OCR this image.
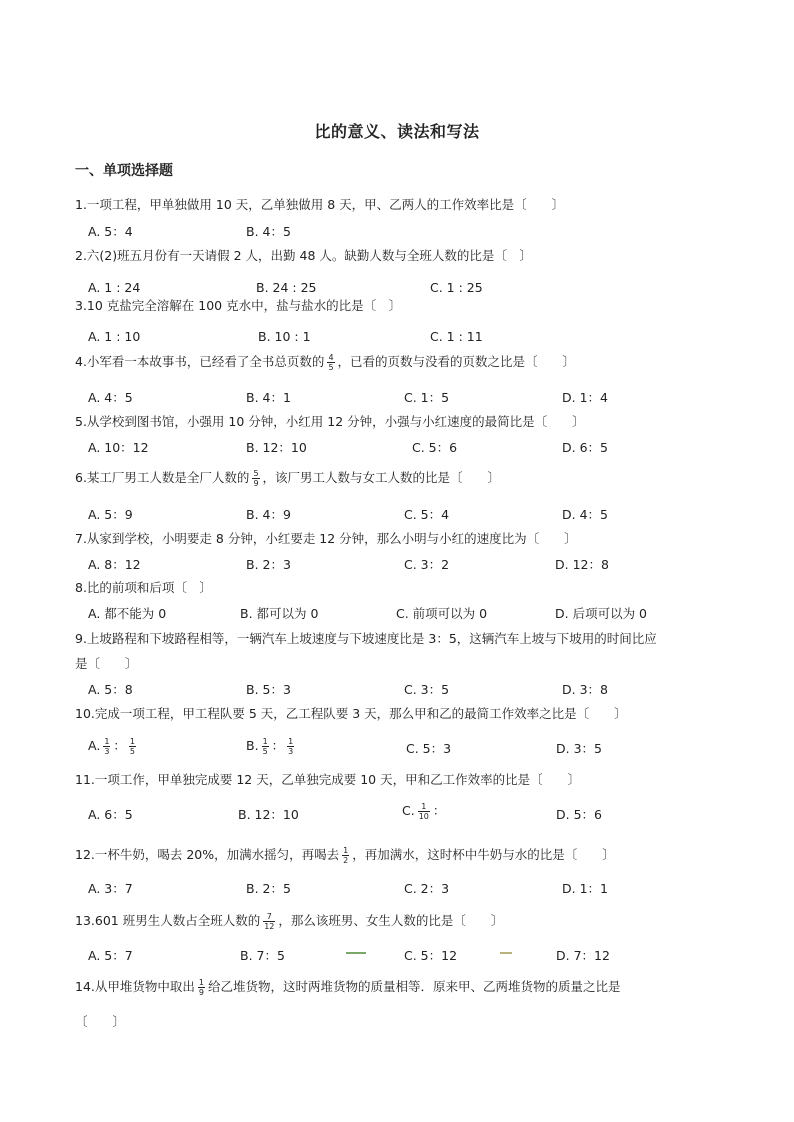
比的意义、读法和写法
一、单项选择题
1.一项工程，甲单独做用 10 天，乙单独做用 8 天，甲、乙两人的工作效率比是〔　　〕
A. 5：4	B. 4：5
2.六(2)班五月份有一天请假 2 人，出勤 48 人。缺勤人数与全班人数的比是〔　〕
A. 1 : 24	B. 24 : 25	C. 1 : 25
3.10 克盐完全溶解在 100 克水中，盐与盐水的比是〔　〕
A. 1 : 10	B. 10 : 1	C. 1 : 11
4.小军看一本故事书，已经看了全书总页数的 $\frac{4}{5}$ ，已看的页数与没看的页数之比是〔　　〕
A. 4：5	B. 4：1	C. 1：5	D. 1：4
5.从学校到图书馆，小强用 10 分钟，小红用 12 分钟，小强与小红速度的最简比是〔　　〕
A. 10：12	B. 12：10	C. 5：6	D. 6：5
6.某工厂男工人数是全厂人数的 $\frac{5}{9}$ ，该厂男工人数与女工人数的比是〔　　〕
A. 5：9	B. 4：9	C. 5：4	D. 4：5
7.从家到学校，小明要走 8 分钟，小红要走 12 分钟，那么小明与小红的速度比为〔　　〕
A. 8：12	B. 2：3	C. 3：2	D. 12：8
8.比的前项和后项〔　〕
A. 都不能为 0	B. 都可以为 0	C. 前项可以为 0	D. 后项可以为 0
9.上坡路程和下坡路程相等，一辆汽车上坡速度与下坡速度比是 3：5，这辆汽车上坡与下坡用的时间比应
是〔　　〕
A. 5：8	B. 5：3	C. 3：5	D. 3：8
10.完成一项工程，甲工程队要 5 天，乙工程队要 3 天，那么甲和乙的最简工作效率之比是〔　　〕
A. $\frac{1}{3}$ ： $\frac{1}{5}$	B. $\frac{1}{5}$ ： $\frac{1}{3}$	C. 5：3	D. 3：5
11.一项工作，甲单独完成要 12 天，乙单独完成要 10 天，甲和乙工作效率的比是〔　　〕
A. 6：5	B. 12：10	C. $\frac{1}{10}$ ：	D. 5：6
12.一杯牛奶，喝去 20%，加满水摇匀，再喝去 $\frac{1}{2}$ ，再加满水，这时杯中牛奶与水的比是〔　　〕
A. 3：7	B. 2：5	C. 2：3	D. 1：1
13.601 班男生人数占全班人数的 $\frac{7}{12}$ ，那么该班男、女生人数的比是〔　　〕
A. 5：7	B. 7：5	C. 5：12	D. 7：12
14.从甲堆货物中取出 $\frac{1}{9}$ 给乙堆货物，这时两堆货物的质量相等．原来甲、乙两堆货物的质量之比是
〔　　〕
